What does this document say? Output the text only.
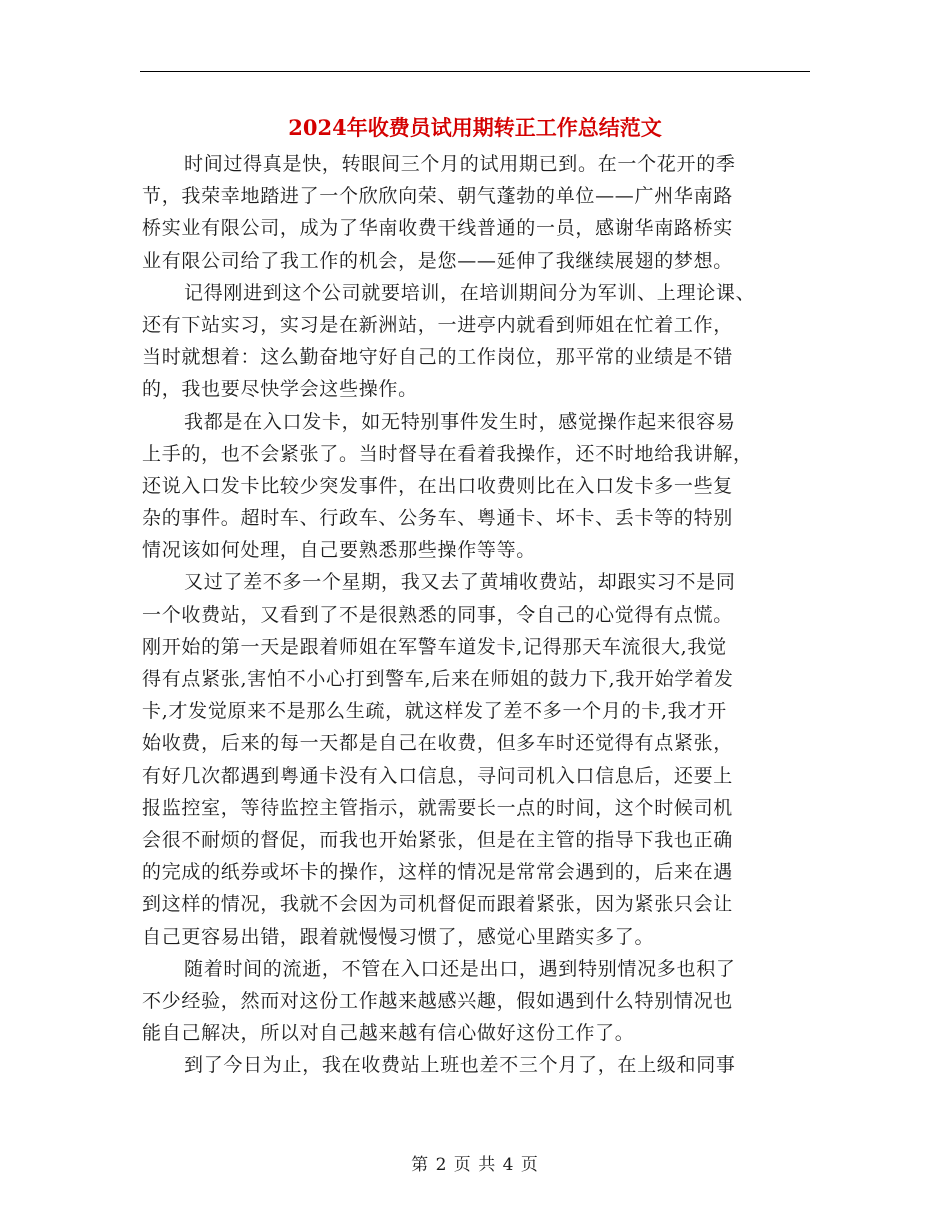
2024年收费员试用期转正工作总结范文
时间过得真是快，转眼间三个月的试用期已到。在一个花开的季
节，我荣幸地踏进了一个欣欣向荣、朝气蓬勃的单位——广州华南路
桥实业有限公司，成为了华南收费干线普通的一员，感谢华南路桥实
业有限公司给了我工作的机会，是您——延伸了我继续展翅的梦想。
记得刚进到这个公司就要培训，在培训期间分为军训、上理论课、
还有下站实习，实习是在新洲站，一进亭内就看到师姐在忙着工作，
当时就想着：这么勤奋地守好自己的工作岗位，那平常的业绩是不错
的，我也要尽快学会这些操作。
我都是在入口发卡，如无特别事件发生时，感觉操作起来很容易
上手的，也不会紧张了。当时督导在看着我操作，还不时地给我讲解，
还说入口发卡比较少突发事件，在出口收费则比在入口发卡多一些复
杂的事件。超时车、行政车、公务车、粤通卡、坏卡、丢卡等的特别
情况该如何处理，自己要熟悉那些操作等等。
又过了差不多一个星期，我又去了黄埔收费站，却跟实习不是同
一个收费站，又看到了不是很熟悉的同事，令自己的心觉得有点慌。
刚开始的第一天是跟着师姐在军警车道发卡,记得那天车流很大,我觉
得有点紧张,害怕不小心打到警车,后来在师姐的鼓力下,我开始学着发
卡,才发觉原来不是那么生疏，就这样发了差不多一个月的卡,我才开
始收费，后来的每一天都是自己在收费，但多车时还觉得有点紧张，
有好几次都遇到粤通卡没有入口信息，寻问司机入口信息后，还要上
报监控室，等待监控主管指示，就需要长一点的时间，这个时候司机
会很不耐烦的督促，而我也开始紧张，但是在主管的指导下我也正确
的完成的纸券或坏卡的操作，这样的情况是常常会遇到的，后来在遇
到这样的情况，我就不会因为司机督促而跟着紧张，因为紧张只会让
自己更容易出错，跟着就慢慢习惯了，感觉心里踏实多了。
随着时间的流逝，不管在入口还是出口，遇到特别情况多也积了
不少经验，然而对这份工作越来越感兴趣，假如遇到什么特别情况也
能自己解决，所以对自己越来越有信心做好这份工作了。
到了今日为止，我在收费站上班也差不三个月了，在上级和同事
第 2 页 共 4 页
